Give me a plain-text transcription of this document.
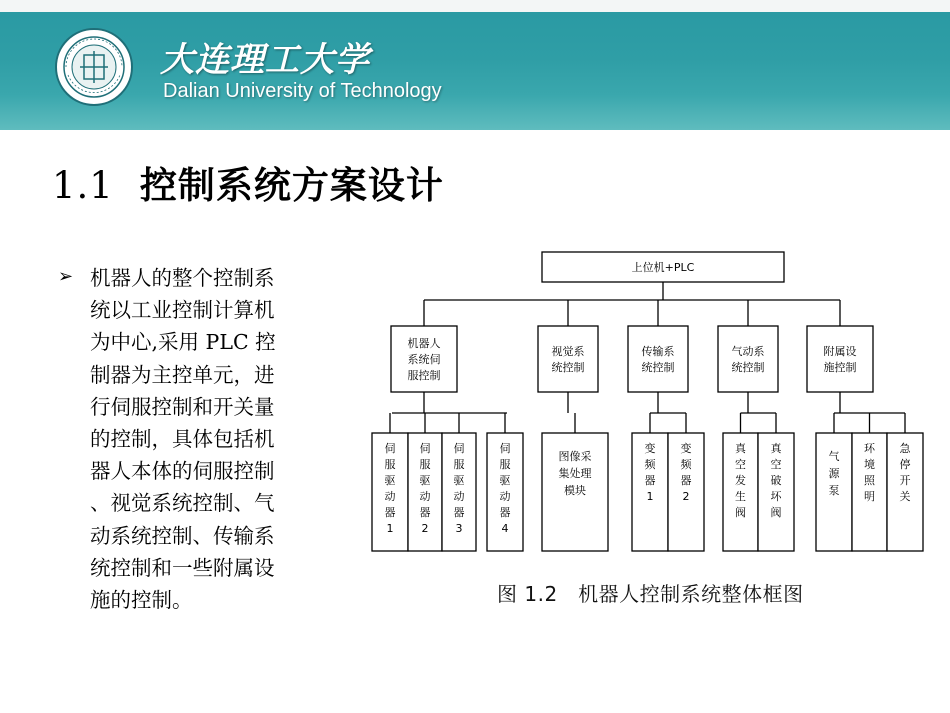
大连理工大学
Dalian University of Technology
1.1 控制系统方案设计
➢ 机器人的整个控制系
统以工业控制计算机
为中心,采用 PLC 控
制器为主控单元，进
行伺服控制和开关量
的控制，具体包括机
器人本体的伺服控制
、视觉系统控制、气
动系统控制、传输系
统控制和一些附属设
施的控制。
上位机+PLC
机器人
系统伺
服控制
伺
服
驱
动
器
1
伺
服
驱
动
器
2
伺
服
驱
动
器
3
伺
服
驱
动
器
4
视觉系
统控制
图像采
集处理
模块
传输系
统控制
变
频
器
1
变
频
器
2
气动系
统控制
真
空
发
生
阀
真
空
破
坏
阀
附属设
施控制
气
源
泵
环
境
照
明
急
停
开
关
图 1.2　机器人控制系统整体框图
